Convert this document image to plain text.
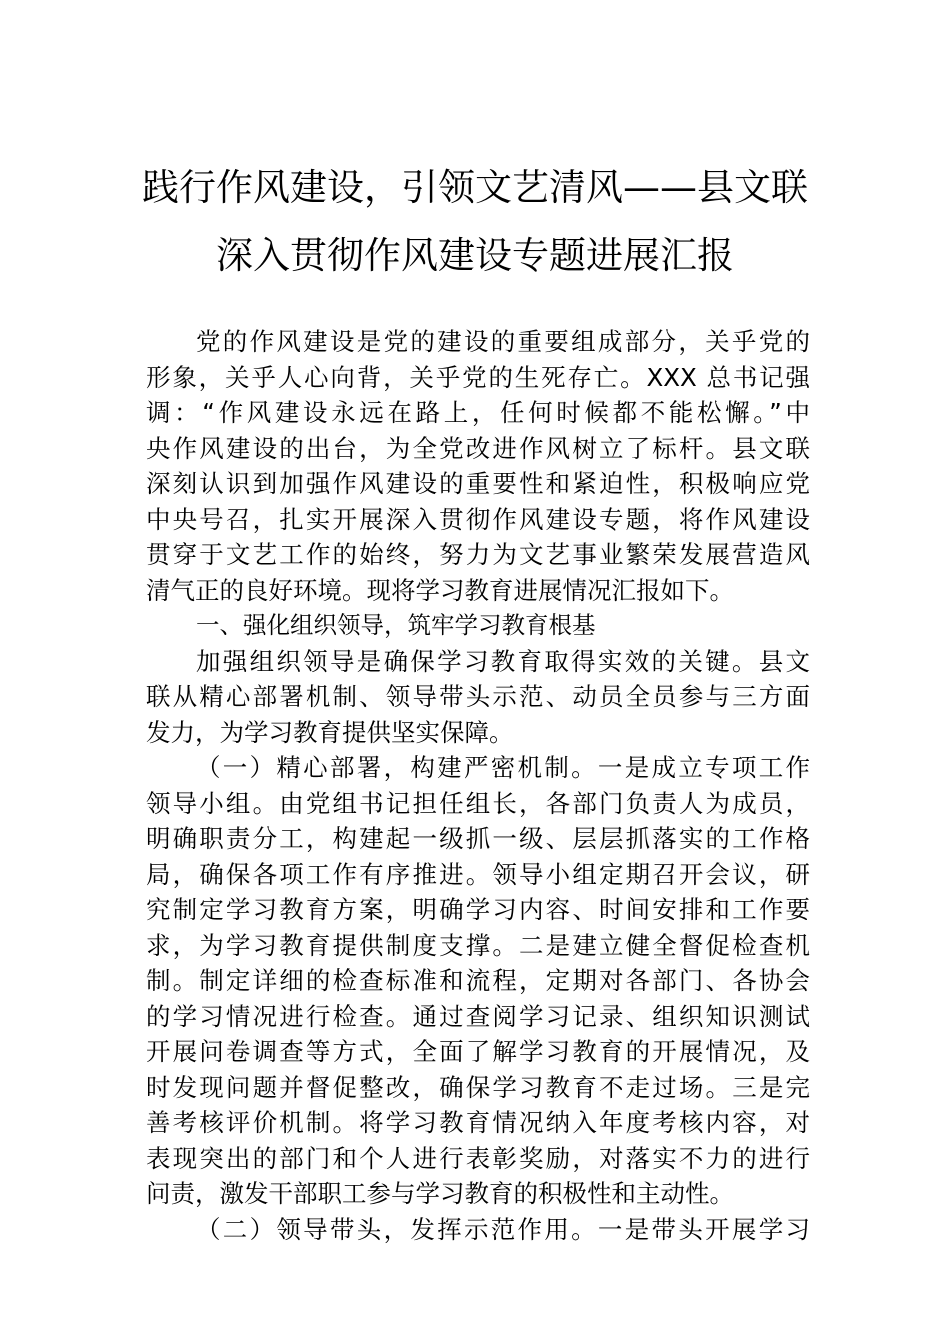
践行作风建设，引领文艺清风——县文联
深入贯彻作风建设专题进展汇报
党的作风建设是党的建设的重要组成部分，关乎党的
形象，关乎人心向背，关乎党的生死存亡。XXX 总书记强
调：“作风建设永远在路上，任何时候都不能松懈。”中
央作风建设的出台，为全党改进作风树立了标杆。县文联
深刻认识到加强作风建设的重要性和紧迫性，积极响应党
中央号召，扎实开展深入贯彻作风建设专题，将作风建设
贯穿于文艺工作的始终，努力为文艺事业繁荣发展营造风
清气正的良好环境。现将学习教育进展情况汇报如下。
一、强化组织领导，筑牢学习教育根基
加强组织领导是确保学习教育取得实效的关键。县文
联从精心部署机制、领导带头示范、动员全员参与三方面
发力，为学习教育提供坚实保障。
（一）精心部署，构建严密机制。一是成立专项工作
领导小组。由党组书记担任组长，各部门负责人为成员，
明确职责分工，构建起一级抓一级、层层抓落实的工作格
局，确保各项工作有序推进。领导小组定期召开会议，研
究制定学习教育方案，明确学习内容、时间安排和工作要
求，为学习教育提供制度支撑。二是建立健全督促检查机
制。制定详细的检查标准和流程，定期对各部门、各协会
的学习情况进行检查。通过查阅学习记录、组织知识测试
开展问卷调查等方式，全面了解学习教育的开展情况，及
时发现问题并督促整改，确保学习教育不走过场。三是完
善考核评价机制。将学习教育情况纳入年度考核内容，对
表现突出的部门和个人进行表彰奖励，对落实不力的进行
问责，激发干部职工参与学习教育的积极性和主动性。
（二）领导带头，发挥示范作用。一是带头开展学习
